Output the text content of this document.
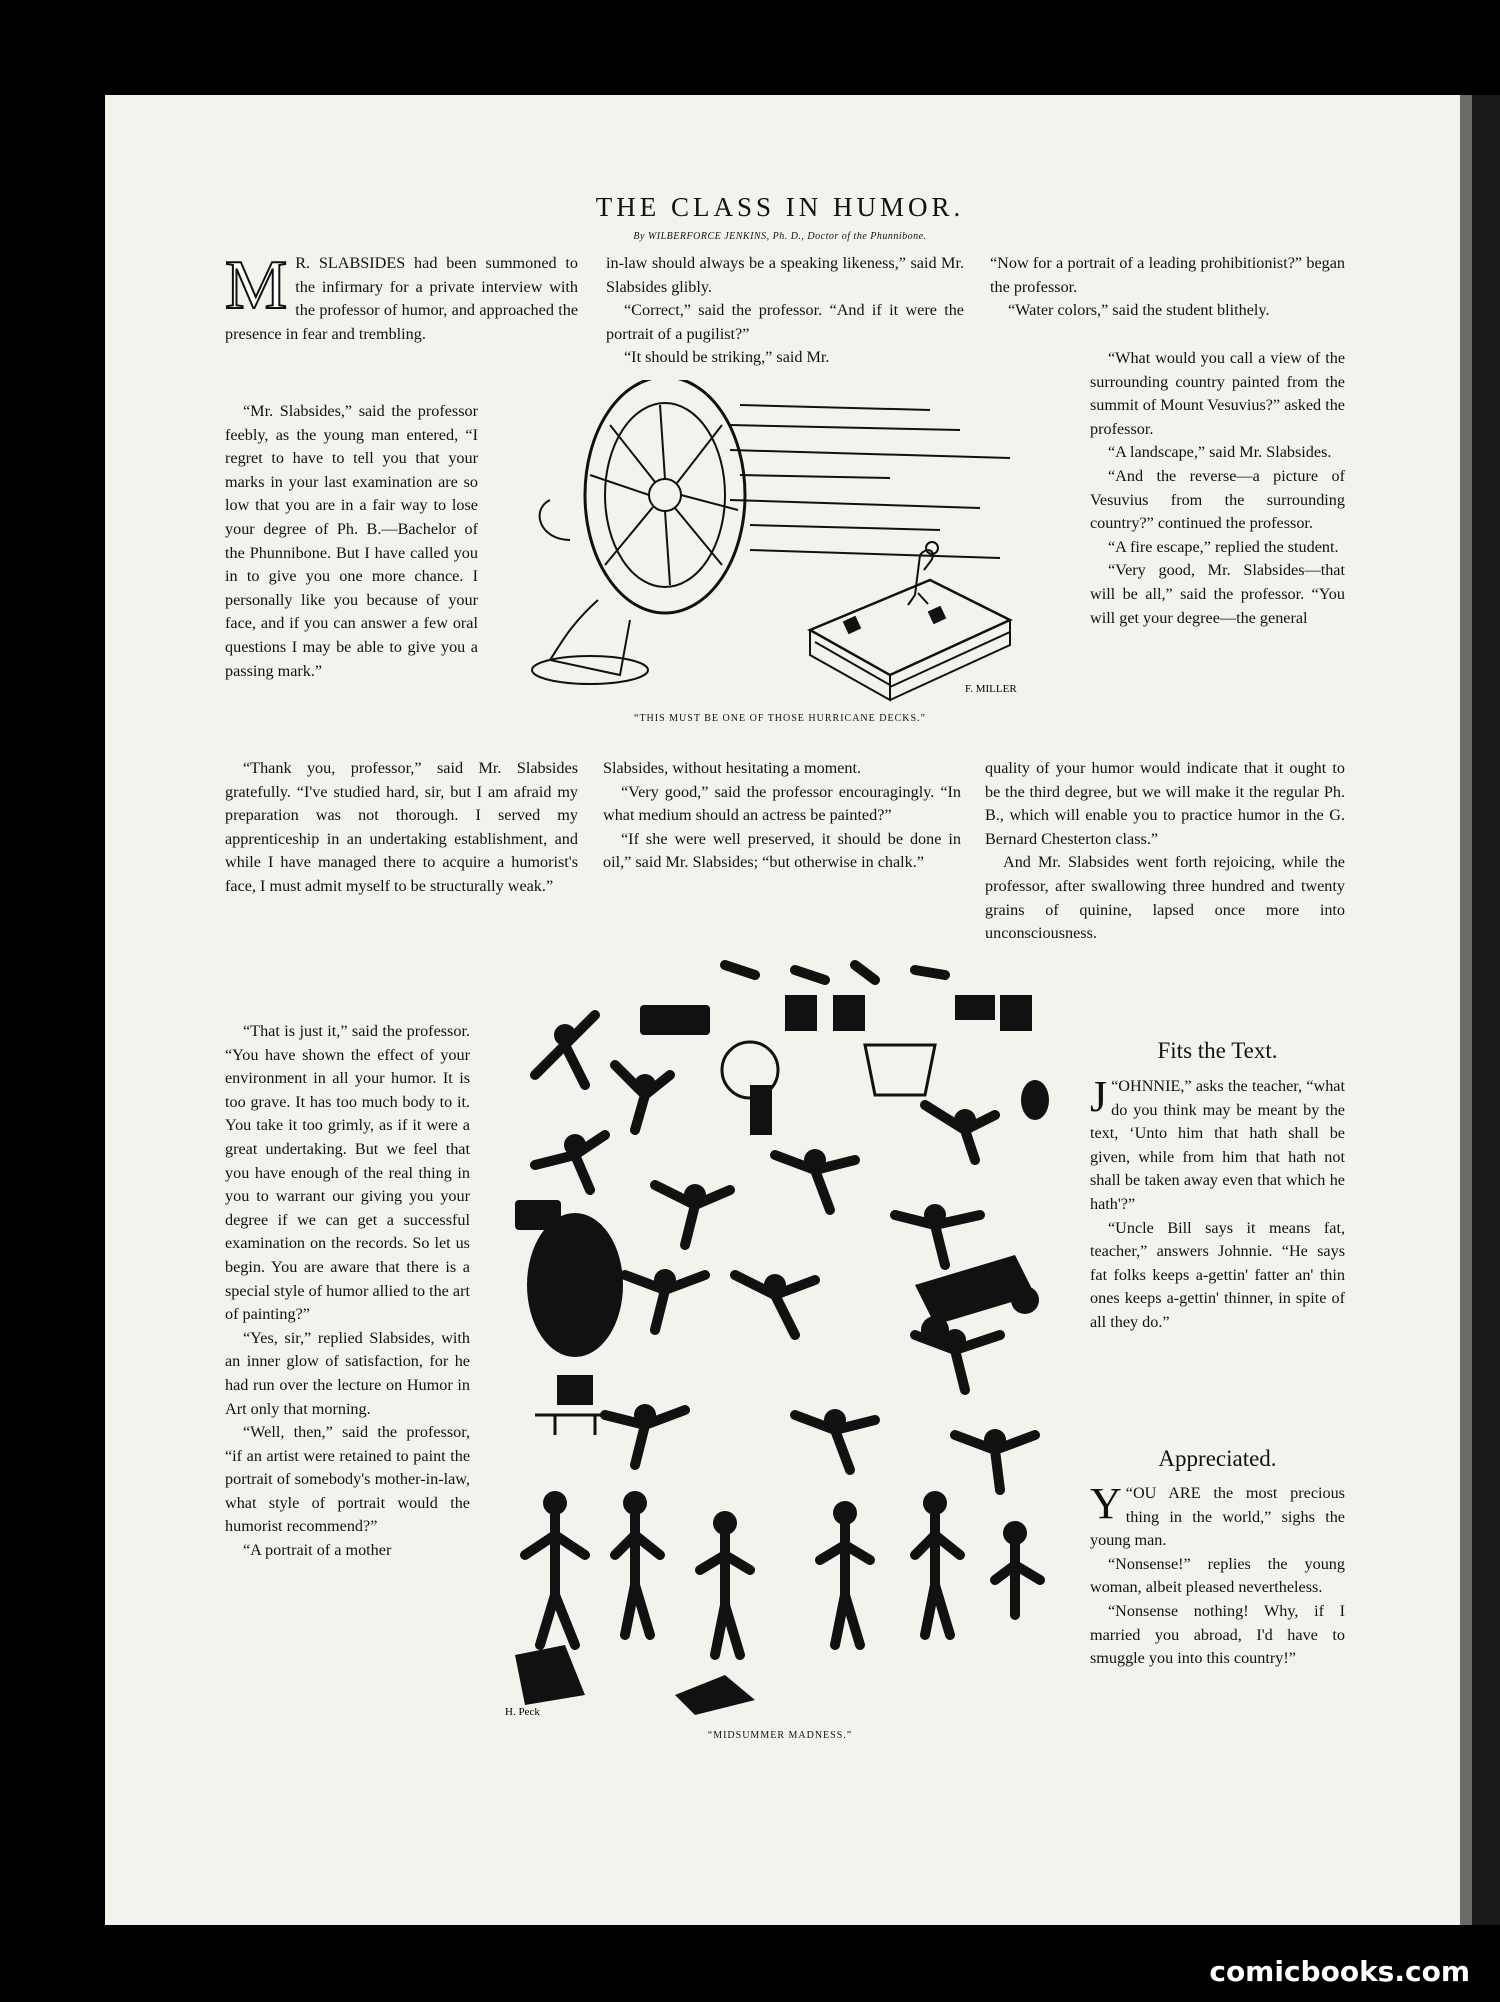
THE CLASS IN HUMOR.
By WILBERFORCE JENKINS, Ph. D., Doctor of the Phunnibone.

M R. SLABSIDES had been summoned to the infirmary for a private interview with the professor of humor, and approached the presence in fear and trembling.

“Mr. Slabsides,” said the professor feebly, as the young man entered, “I regret to have to tell you that your marks in your last examination are so low that you are in a fair way to lose your degree of Ph. B.—Bachelor of the Phunnibone. But I have called you in to give you one more chance. I personally like you because of your face, and if you can answer a few oral questions I may be able to give you a passing mark.”

“Thank you, professor,” said Mr. Slabsides gratefully. “I've studied hard, sir, but I am afraid my preparation was not thorough. I served my apprenticeship in an undertaking establishment, and while I have managed there to acquire a humorist's face, I must admit myself to be structurally weak.”

“That is just it,” said the professor. “You have shown the effect of your environment in all your humor. It is too grave. It has too much body to it. You take it too grimly, as if it were a great undertaking. But we feel that you have enough of the real thing in you to warrant our giving you your degree if we can get a successful examination on the records. So let us begin. You are aware that there is a special style of humor allied to the art of painting?”

“Yes, sir,” replied Slabsides, with an inner glow of satisfaction, for he had run over the lecture on Humor in Art only that morning.

“Well, then,” said the professor, “if an artist were retained to paint the portrait of somebody's mother-in-law, what style of portrait would the humorist recommend?”

“A portrait of a mother

in-law should always be a speaking likeness,” said Mr. Slabsides glibly.

“Correct,” said the professor. “And if it were the portrait of a pugilist?”

“It should be striking,” said Mr.

Slabsides, without hesitating a moment.

“Very good,” said the professor encouragingly. “In what medium should an actress be painted?”

“If she were well preserved, it should be done in oil,” said Mr. Slabsides; “but otherwise in chalk.”

“Now for a portrait of a leading prohibitionist?” began the professor.

“Water colors,” said the student blithely.

“What would you call a view of the surrounding country painted from the summit of Mount Vesuvius?” asked the professor.

“A landscape,” said Mr. Slabsides.

“And the reverse—a picture of Vesuvius from the surrounding country?” continued the professor.

“A fire escape,” replied the student.

“Very good, Mr. Slabsides—that will be all,” said the professor. “You will get your degree—the general

quality of your humor would indicate that it ought to be the third degree, but we will make it the regular Ph. B., which will enable you to practice humor in the G. Bernard Chesterton class.”

And Mr. Slabsides went forth rejoicing, while the professor, after swallowing three hundred and twenty grains of quinine, lapsed once more into unconsciousness.

Fits the Text.

J “OHNNIE,” asks the teacher, “what do you think may be meant by the text, ‘Unto him that hath shall be given, while from him that hath not shall be taken away even that which he hath'?”

“Uncle Bill says it means fat, teacher,” answers Johnnie. “He says fat folks keeps a-gettin' fatter an' thin ones keeps a-gettin' thinner, in spite of all they do.”

Appreciated.

Y “OU ARE the most precious thing in the world,” sighs the young man.

“Nonsense!” replies the young woman, albeit pleased nevertheless.

“Nonsense nothing! Why, if I married you abroad, I'd have to smuggle you into this country!”

F. MILLER
“THIS MUST BE ONE OF THOSE HURRICANE DECKS.”
H. Peck
“MIDSUMMER MADNESS.”
comicbooks.com
